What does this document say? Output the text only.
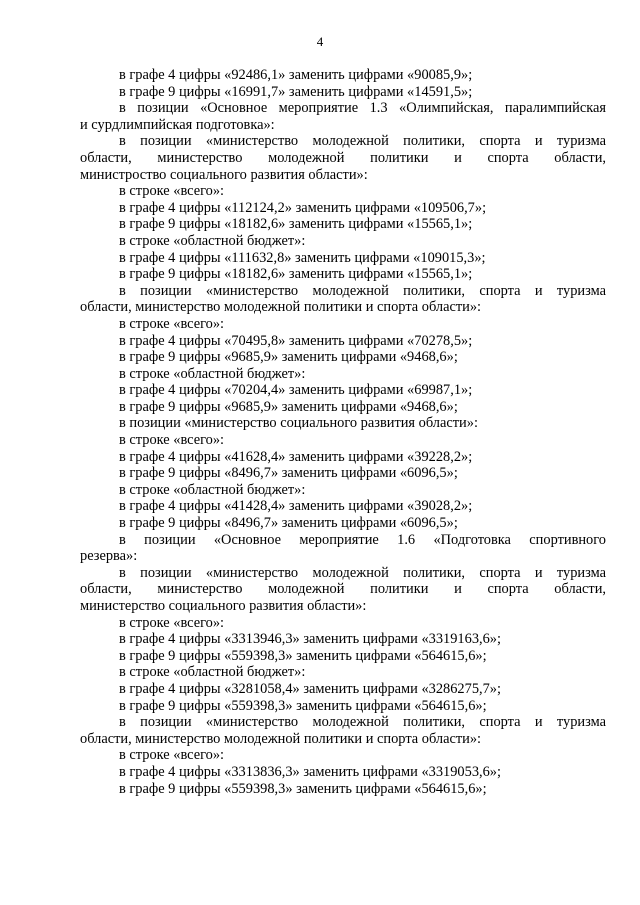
4

в графе 4 цифры «92486,1» заменить цифрами «90085,9»;

в графе 9 цифры «16991,7» заменить цифрами «14591,5»;

в позиции «Основное мероприятие 1.3 «Олимпийская, паралимпийская

и сурдлимпийская подготовка»:

в позиции «министерство молодежной политики, спорта и туризма

области, министерство молодежной политики и спорта области,

министроство социального развития области»:

в строке «всего»:

в графе 4 цифры «112124,2» заменить цифрами «109506,7»;

в графе 9 цифры «18182,6» заменить цифрами «15565,1»;

в строке «областной бюджет»:

в графе 4 цифры «111632,8» заменить цифрами «109015,3»;

в графе 9 цифры «18182,6» заменить цифрами «15565,1»;

в позиции «министерство молодежной политики, спорта и туризма

области, министерство молодежной политики и спорта области»:

в строке «всего»:

в графе 4 цифры «70495,8» заменить цифрами «70278,5»;

в графе 9 цифры «9685,9» заменить цифрами «9468,6»;

в строке «областной бюджет»:

в графе 4 цифры «70204,4» заменить цифрами «69987,1»;

в графе 9 цифры «9685,9» заменить цифрами «9468,6»;

в позиции «министерство социального развития области»:

в строке «всего»:

в графе 4 цифры «41628,4» заменить цифрами «39228,2»;

в графе 9 цифры «8496,7» заменить цифрами «6096,5»;

в строке «областной бюджет»:

в графе 4 цифры «41428,4» заменить цифрами «39028,2»;

в графе 9 цифры «8496,7» заменить цифрами «6096,5»;

в позиции «Основное мероприятие 1.6 «Подготовка спортивного

резерва»:

в позиции «министерство молодежной политики, спорта и туризма

области, министерство молодежной политики и спорта области,

министерство социального развития области»:

в строке «всего»:

в графе 4 цифры «3313946,3» заменить цифрами «3319163,6»;

в графе 9 цифры «559398,3» заменить цифрами «564615,6»;

в строке «областной бюджет»:

в графе 4 цифры «3281058,4» заменить цифрами «3286275,7»;

в графе 9 цифры «559398,3» заменить цифрами «564615,6»;

в позиции «министерство молодежной политики, спорта и туризма

области, министерство молодежной политики и спорта области»:

в строке «всего»:

в графе 4 цифры «3313836,3» заменить цифрами «3319053,6»;

в графе 9 цифры «559398,3» заменить цифрами «564615,6»;
